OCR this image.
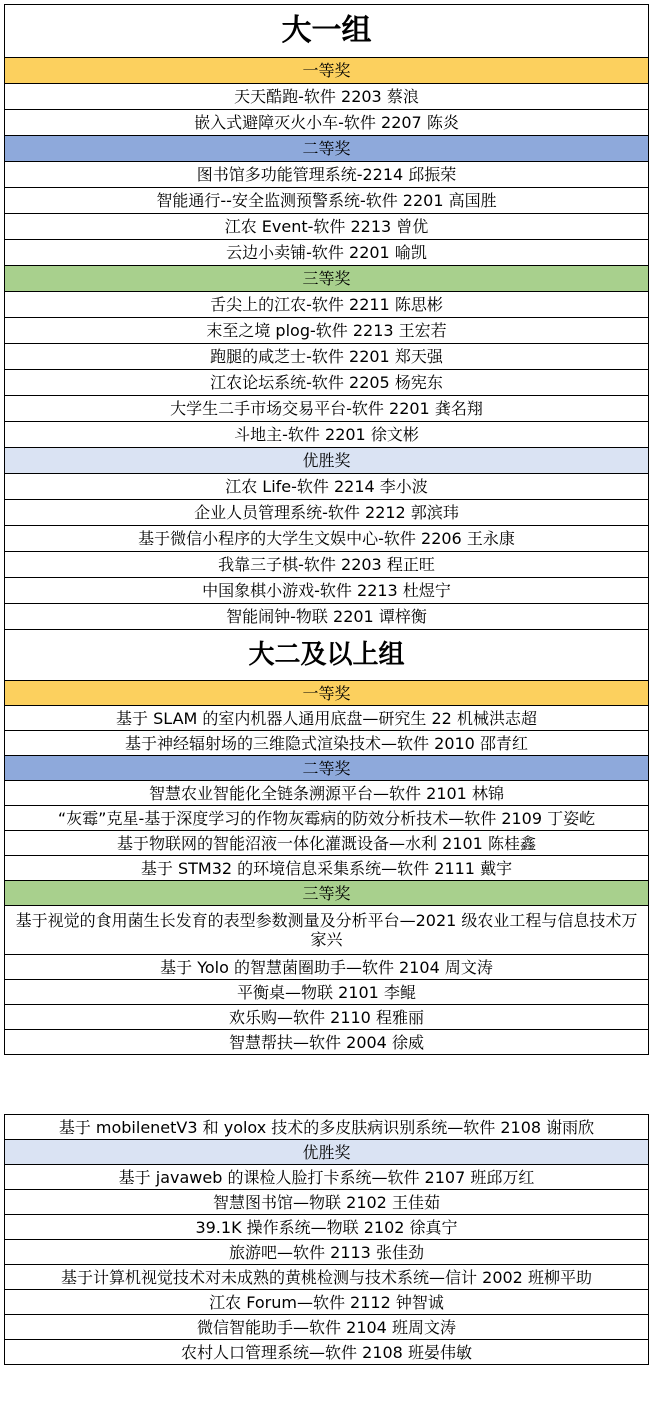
大一组
一等奖
天天酷跑-软件 2203 蔡浪
嵌入式避障灭火小车-软件 2207 陈炎
二等奖
图书馆多功能管理系统-2214 邱振荣
智能通行--安全监测预警系统-软件 2201 高国胜
江农 Event-软件 2213 曾优
云边小卖铺-软件 2201 喻凯
三等奖
舌尖上的江农-软件 2211 陈思彬
末至之境 plog-软件 2213 王宏若
跑腿的咸芝士-软件 2201 郑天强
江农论坛系统-软件 2205 杨宪东
大学生二手市场交易平台-软件 2201 龚名翔
斗地主-软件 2201 徐文彬
优胜奖
江农 Life-软件 2214 李小波
企业人员管理系统-软件 2212 郭滨玮
基于微信小程序的大学生文娱中心-软件 2206 王永康
我靠三子棋-软件 2203 程正旺
中国象棋小游戏-软件 2213 杜煜宁
智能闹钟-物联 2201 谭梓衡
大二及以上组
一等奖
基于 SLAM 的室内机器人通用底盘—研究生 22 机械洪志超
基于神经辐射场的三维隐式渲染技术—软件 2010 邵青红
二等奖
智慧农业智能化全链条溯源平台—软件 2101 林锦
“灰霉”克星-基于深度学习的作物灰霉病的防效分析技术—软件 2109 丁姿屹
基于物联网的智能沼液一体化灌溉设备—水利 2101 陈桂鑫
基于 STM32 的环境信息采集系统—软件 2111 戴宇
三等奖
基于视觉的食用菌生长发育的表型参数测量及分析平台—2021 级农业工程与信息技术万家兴
基于 Yolo 的智慧菌圈助手—软件 2104 周文涛
平衡桌—物联 2101 李鲲
欢乐购—软件 2110 程雅丽
智慧帮扶—软件 2004 徐威
基于 mobilenetV3 和 yolox 技术的多皮肤病识别系统—软件 2108 谢雨欣
优胜奖
基于 javaweb 的课检人脸打卡系统—软件 2107 班邱万红
智慧图书馆—物联 2102 王佳茹
39.1K 操作系统—物联 2102 徐真宁
旅游吧—软件 2113 张佳劲
基于计算机视觉技术对未成熟的黄桃检测与技术系统—信计 2002 班柳平助
江农 Forum—软件 2112 钟智诚
微信智能助手—软件 2104 班周文涛
农村人口管理系统—软件 2108 班晏伟敏
